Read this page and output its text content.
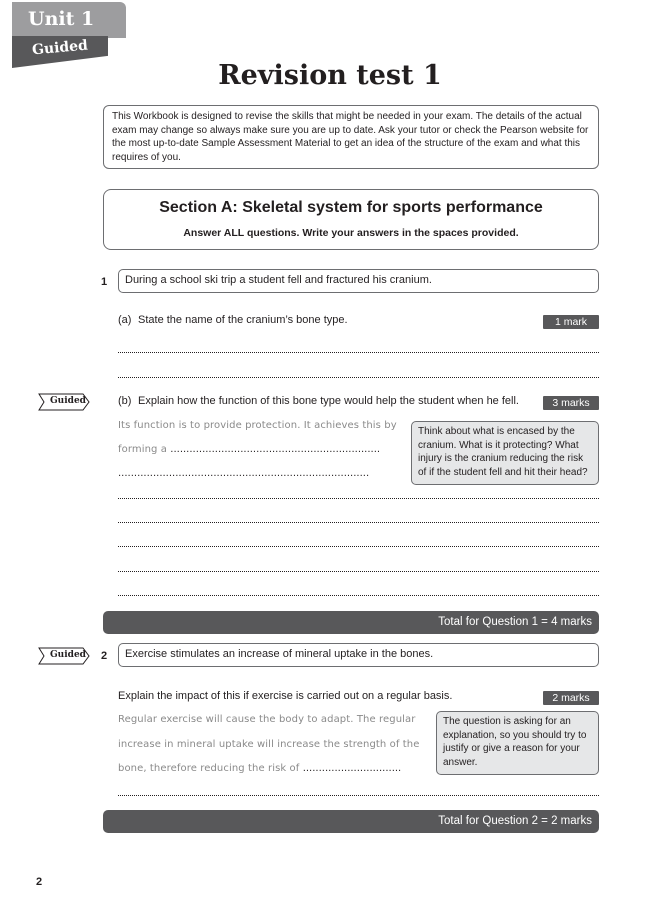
Unit 1
Guided
Revision test 1
This Workbook is designed to revise the skills that might be needed in your exam. The details of the actual exam may change so always make sure you are up to date. Ask your tutor or check the Pearson website for the most up-to-date Sample Assessment Material to get an idea of the structure of the exam and what this requires of you.
Section A: Skeletal system for sports performance
Answer ALL questions. Write your answers in the spaces provided.
1	During a school ski trip a student fell and fractured his cranium.
(a) State the name of the cranium’s bone type.	1 mark
Guided	(b) Explain how the function of this bone type would help the student when he fell.	3 marks
Its function is to provide protection. It achieves this by
forming a ..................................................................
...............................................................................
Think about what is encased by the cranium. What is it protecting? What injury is the cranium reducing the risk of if the student fell and hit their head?
Total for Question 1 = 4 marks
Guided 2	Exercise stimulates an increase of mineral uptake in the bones.
Explain the impact of this if exercise is carried out on a regular basis.	2 marks
Regular exercise will cause the body to adapt. The regular
increase in mineral uptake will increase the strength of the
bone, therefore reducing the risk of ...............................
The question is asking for an explanation, so you should try to justify or give a reason for your answer.
Total for Question 2 = 2 marks
2
